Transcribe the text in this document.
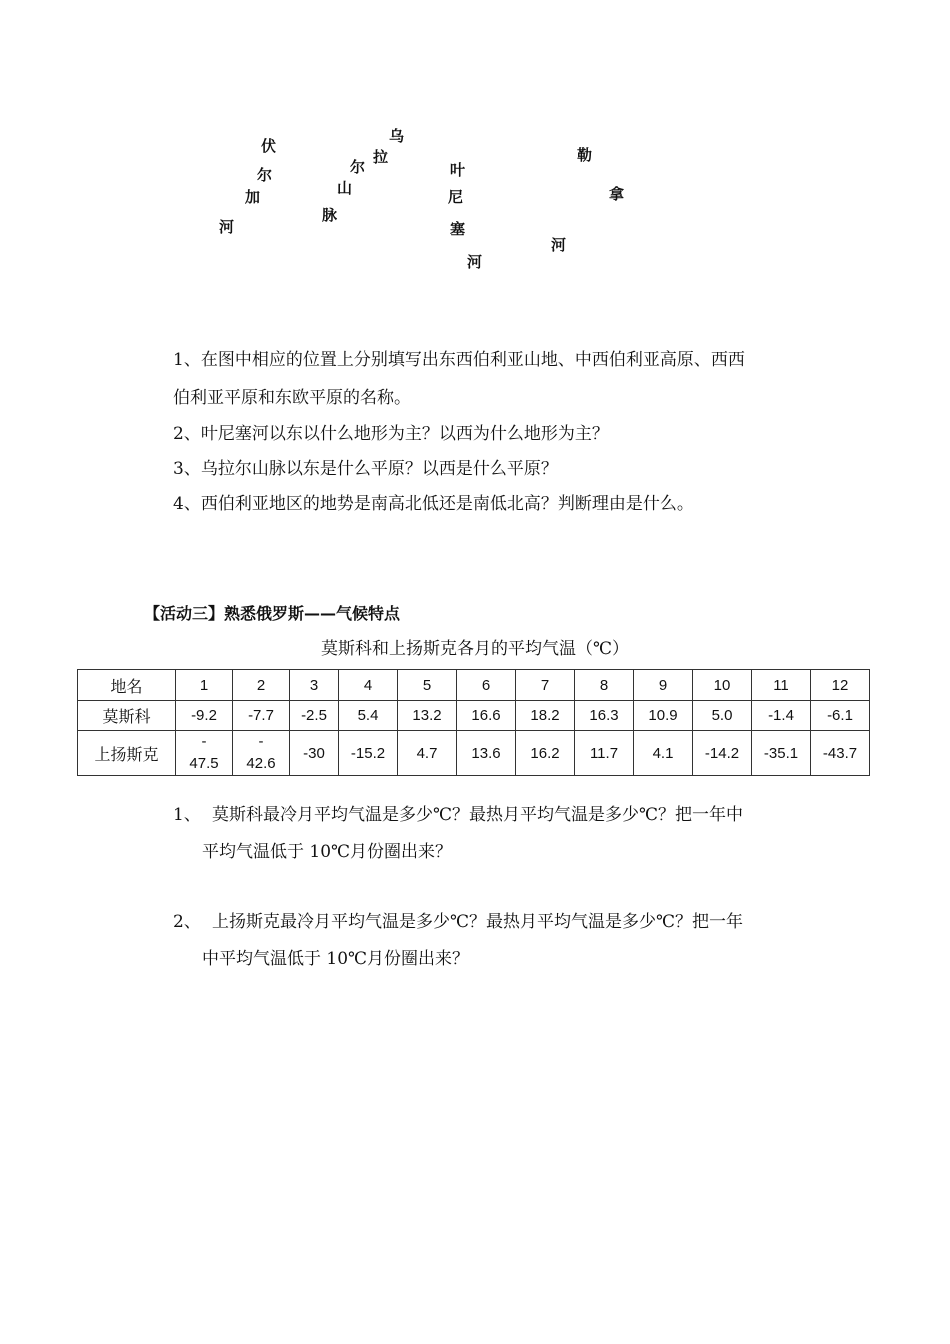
伏
尔
加
河
乌
拉
尔
山
脉
叶
尼
塞
河
勒
拿
河
1、在图中相应的位置上分别填写出东西伯利亚山地、中西伯利亚高原、西西
伯利亚平原和东欧平原的名称。
2、叶尼塞河以东以什么地形为主？以西为什么地形为主？
3、乌拉尔山脉以东是什么平原？以西是什么平原？
4、西伯利亚地区的地势是南高北低还是南低北高？判断理由是什么。
【活动三】熟悉俄罗斯——气候特点
莫斯科和上扬斯克各月的平均气温（℃）
地名	1	2	3	4	5	6	7	8	9	10	11	12
莫斯科	-9.2	-7.7	-2.5	5.4	13.2	16.6	18.2	16.3	10.9	5.0	-1.4	-6.1
上扬斯克	-
47.5	-
42.6	-30	-15.2	4.7	13.6	16.2	11.7	4.1	-14.2	-35.1	-43.7
1、 莫斯科最冷月平均气温是多少℃？最热月平均气温是多少℃？把一年中
平均气温低于 10℃月份圈出来？
2、 上扬斯克最冷月平均气温是多少℃？最热月平均气温是多少℃？把一年
中平均气温低于 10℃月份圈出来？
